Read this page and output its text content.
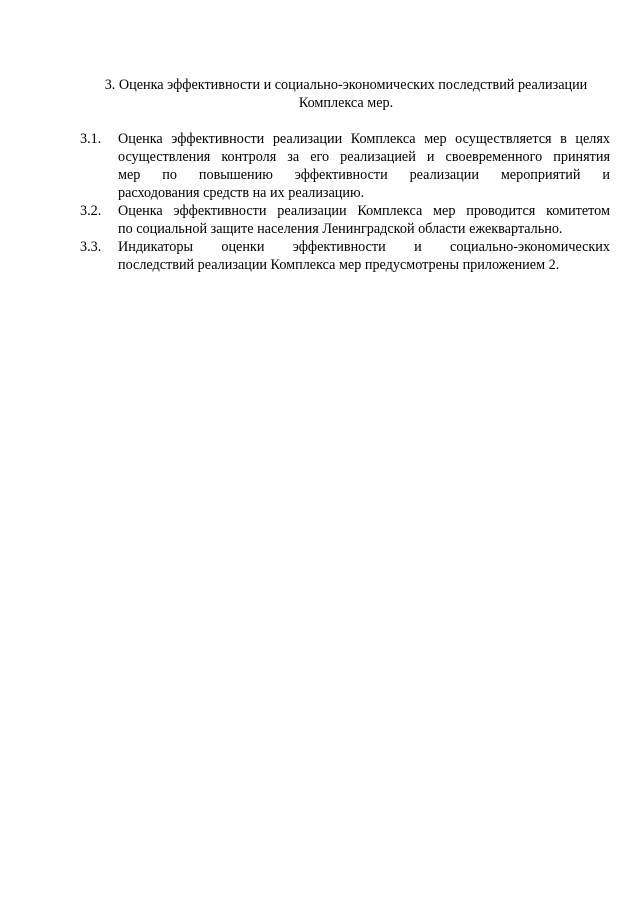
3. Оценка эффективности и социально-экономических последствий реализации
Комплекса мер.
3.1. Оценка эффективности реализации Комплекса мер осуществляется в целях
осуществления контроля за его реализацией и своевременного принятия
мер по повышению эффективности реализации мероприятий и
расходования средств на их реализацию.
3.2. Оценка эффективности реализации Комплекса мер проводится комитетом
по социальной защите населения Ленинградской области ежеквартально.
3.3. Индикаторы оценки эффективности и социально-экономических
последствий реализации Комплекса мер предусмотрены приложением 2.
